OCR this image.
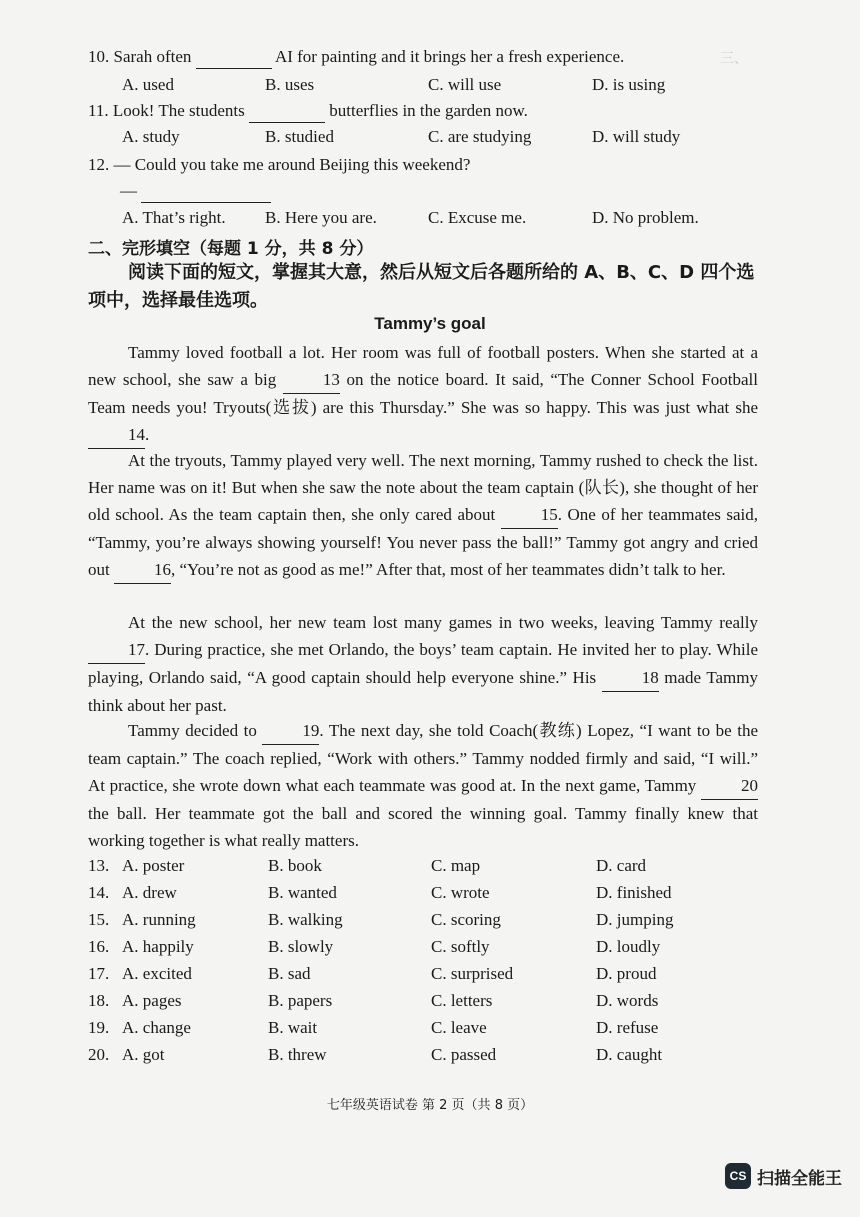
三、
10. Sarah often	AI for painting and it brings her a fresh experience.
A. used	B. uses	C. will use	D. is using
11. Look! The students	butterflies in the garden now.
A. study	B. studied	C. are studying	D. will study
12. — Could you take me around Beijing this weekend?
—
A. That’s right. B. Here you are.	C. Excuse me.	D. No problem.
二、完形填空（每题 1 分，共 8 分）
阅读下面的短文，掌握其大意，然后从短文后各题所给的 A、B、C、D 四个选项中，选择最佳选项。
Tammy’s goal
Tammy loved football a lot. Her room was full of football posters. When she started at a new school, she saw a big	13 on the notice board. It said, “The Conner School Football Team needs you! Tryouts(选拔) are this Thursday.” She was so happy. This was just what she 14.
At the tryouts, Tammy played very well. The next morning, Tammy rushed to check the list. Her name was on it! But when she saw the note about the team captain (队长), she thought of her old school. As the team captain then, she only cared about	15. One of her teammates said, “Tammy, you’re always showing yourself! You never pass the ball!” Tammy got angry and cried out	16, “You’re not as good as me!” After that, most of her teammates didn’t talk to her.
At the new school, her new team lost many games in two weeks, leaving Tammy really 17. During practice, she met Orlando, the boys’ team captain. He invited her to play. While playing, Orlando said, “A good captain should help everyone shine.” His	18 made Tammy think about her past.
Tammy decided to	19. The next day, she told Coach(教练) Lopez, “I want to be the team captain.” The coach replied, “Work with others.” Tammy nodded firmly and said, “I will.” At practice, she wrote down what each teammate was good at. In the next game, Tammy	20 the ball. Her teammate got the ball and scored the winning goal. Tammy finally knew that working together is what really matters.
13. A. poster	B. book	C. map	D. card
14. A. drew	B. wanted	C. wrote	D. finished
15. A. running	B. walking	C. scoring	D. jumping
16. A. happily	B. slowly	C. softly	D. loudly
17. A. excited	B. sad	C. surprised	D. proud
18. A. pages	B. papers	C. letters	D. words
19. A. change	B. wait	C. leave	D. refuse
20. A. got	B. threw	C. passed	D. caught
七年级英语试卷 第 2 页（共 8 页）
CS 扫描全能王
